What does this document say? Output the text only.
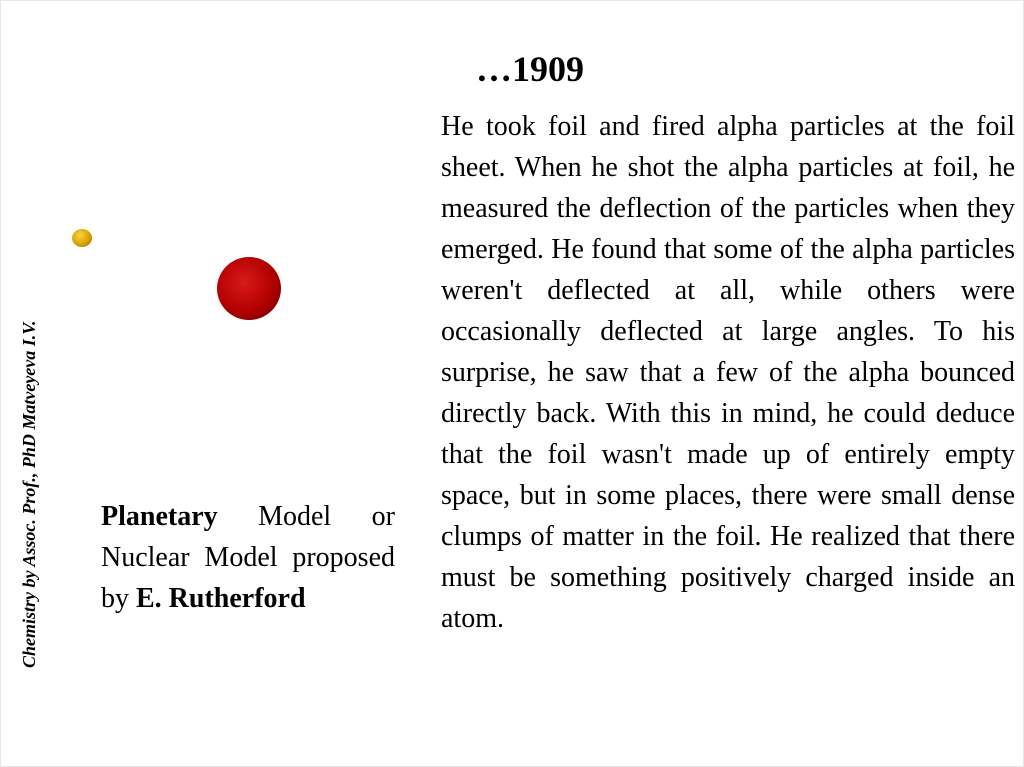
Chemistry by Assoc. Prof., PhD Matveyeva I.V.
…1909
Planetary Model or Nuclear Model proposed by E. Rutherford
He took foil and fired alpha particles at the foil sheet. When he shot the alpha particles at foil, he measured the deflection of the particles when they emerged. He found that some of the alpha particles weren't deflected at all, while others were occasionally deflected at large angles. To his surprise, he saw that a few of the alpha bounced directly back. With this in mind, he could deduce that the foil wasn't made up of entirely empty space, but in some places, there were small dense clumps of matter in the foil. He realized that there must be something positively charged inside an atom.
